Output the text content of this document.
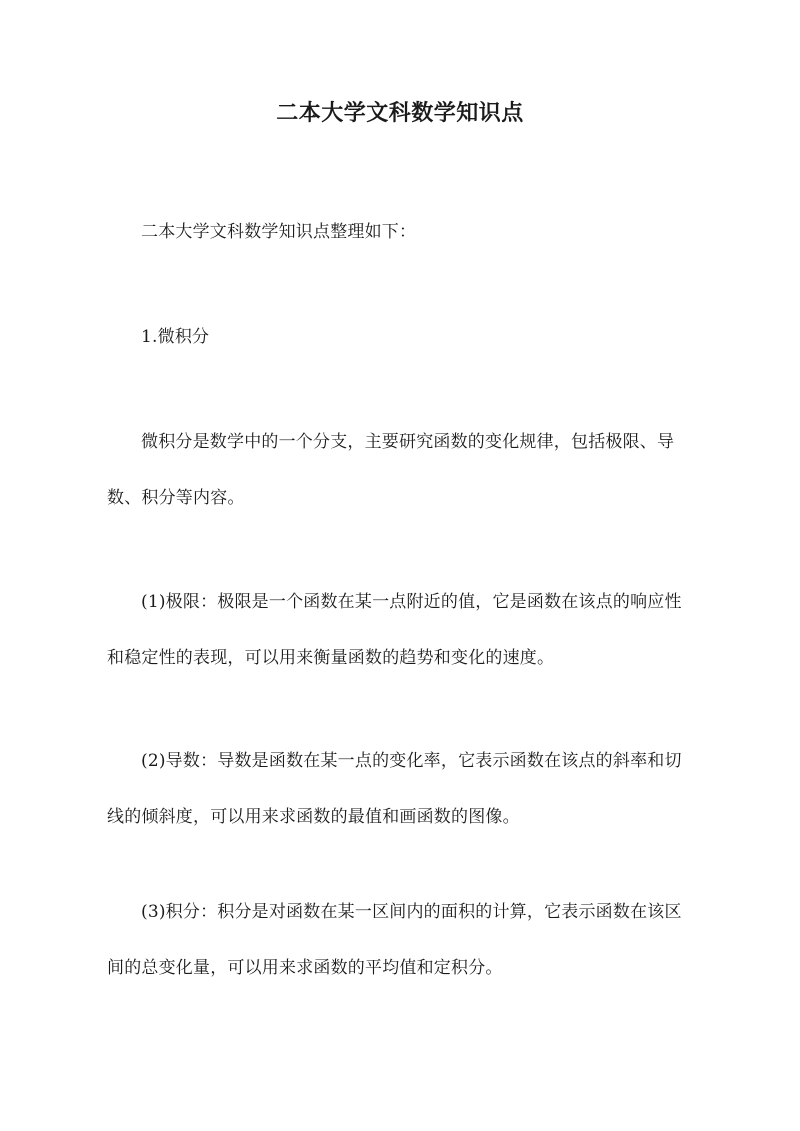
二本大学文科数学知识点
二本大学文科数学知识点整理如下：
1.微积分
微积分是数学中的一个分支，主要研究函数的变化规律，包括极限、导数、积分等内容。
(1)极限：极限是一个函数在某一点附近的值，它是函数在该点的响应性和稳定性的表现，可以用来衡量函数的趋势和变化的速度。
(2)导数：导数是函数在某一点的变化率，它表示函数在该点的斜率和切线的倾斜度，可以用来求函数的最值和画函数的图像。
(3)积分：积分是对函数在某一区间内的面积的计算，它表示函数在该区间的总变化量，可以用来求函数的平均值和定积分。
